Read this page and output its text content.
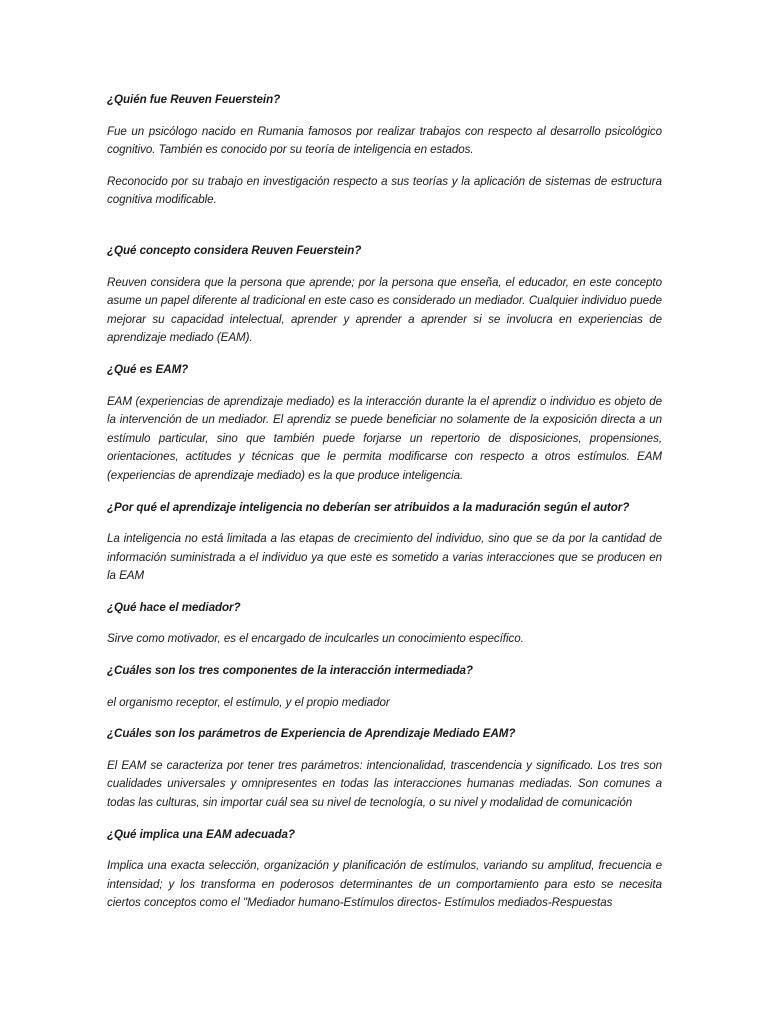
¿Quién fue Reuven Feuerstein?
Fue un psicólogo nacido en Rumania famosos por realizar trabajos con respecto al desarrollo psicológico cognitivo. También es conocido por su teoría de inteligencia en estados.
Reconocido por su trabajo en investigación respecto a sus teorías y la aplicación de sistemas de estructura cognitiva modificable.
¿Qué concepto considera Reuven Feuerstein?
Reuven considera que la persona que aprende; por la persona que enseña, el educador, en este concepto asume un papel diferente al tradicional en este caso es considerado un mediador. Cualquier individuo puede mejorar su capacidad intelectual, aprender y aprender a aprender si se involucra en experiencias de aprendizaje mediado (EAM).
¿Qué es EAM?
EAM (experiencias de aprendizaje mediado) es la interacción durante la el aprendiz o individuo es objeto de la intervención de un mediador. El aprendiz se puede beneficiar no solamente de la exposición directa a un estímulo particular, sino que también puede forjarse un repertorio de disposiciones, propensiones, orientaciones, actitudes y técnicas que le permita modificarse con respecto a otros estímulos. EAM (experiencias de aprendizaje mediado) es la que produce inteligencia.
¿Por qué el aprendizaje inteligencia no deberían ser atribuidos a la maduración según el autor?
La inteligencia no está limitada a las etapas de crecimiento del individuo, sino que se da por la cantidad de información suministrada a el individuo ya que este es sometido a varias interacciones que se producen en la EAM
¿Qué hace el mediador?
Sirve como motivador, es el encargado de inculcarles un conocimiento específico.
¿Cuáles son los tres componentes de la interacción intermediada?
el organismo receptor, el estímulo, y el propio mediador
¿Cuáles son los parámetros de Experiencia de Aprendizaje Mediado EAM?
El EAM se caracteriza por tener tres parámetros: intencionalidad, trascendencia y significado. Los tres son cualidades universales y omnipresentes en todas las interacciones humanas mediadas. Son comunes a todas las culturas, sin importar cuál sea su nivel de tecnología, o su nivel y modalidad de comunicación
¿Qué implica una EAM adecuada?
Implica una exacta selección, organización y planificación de estímulos, variando su amplitud, frecuencia e intensidad; y los transforma en poderosos determinantes de un comportamiento para esto se necesita ciertos conceptos como el "Mediador humano-Estímulos directos- Estímulos mediados-Respuestas
